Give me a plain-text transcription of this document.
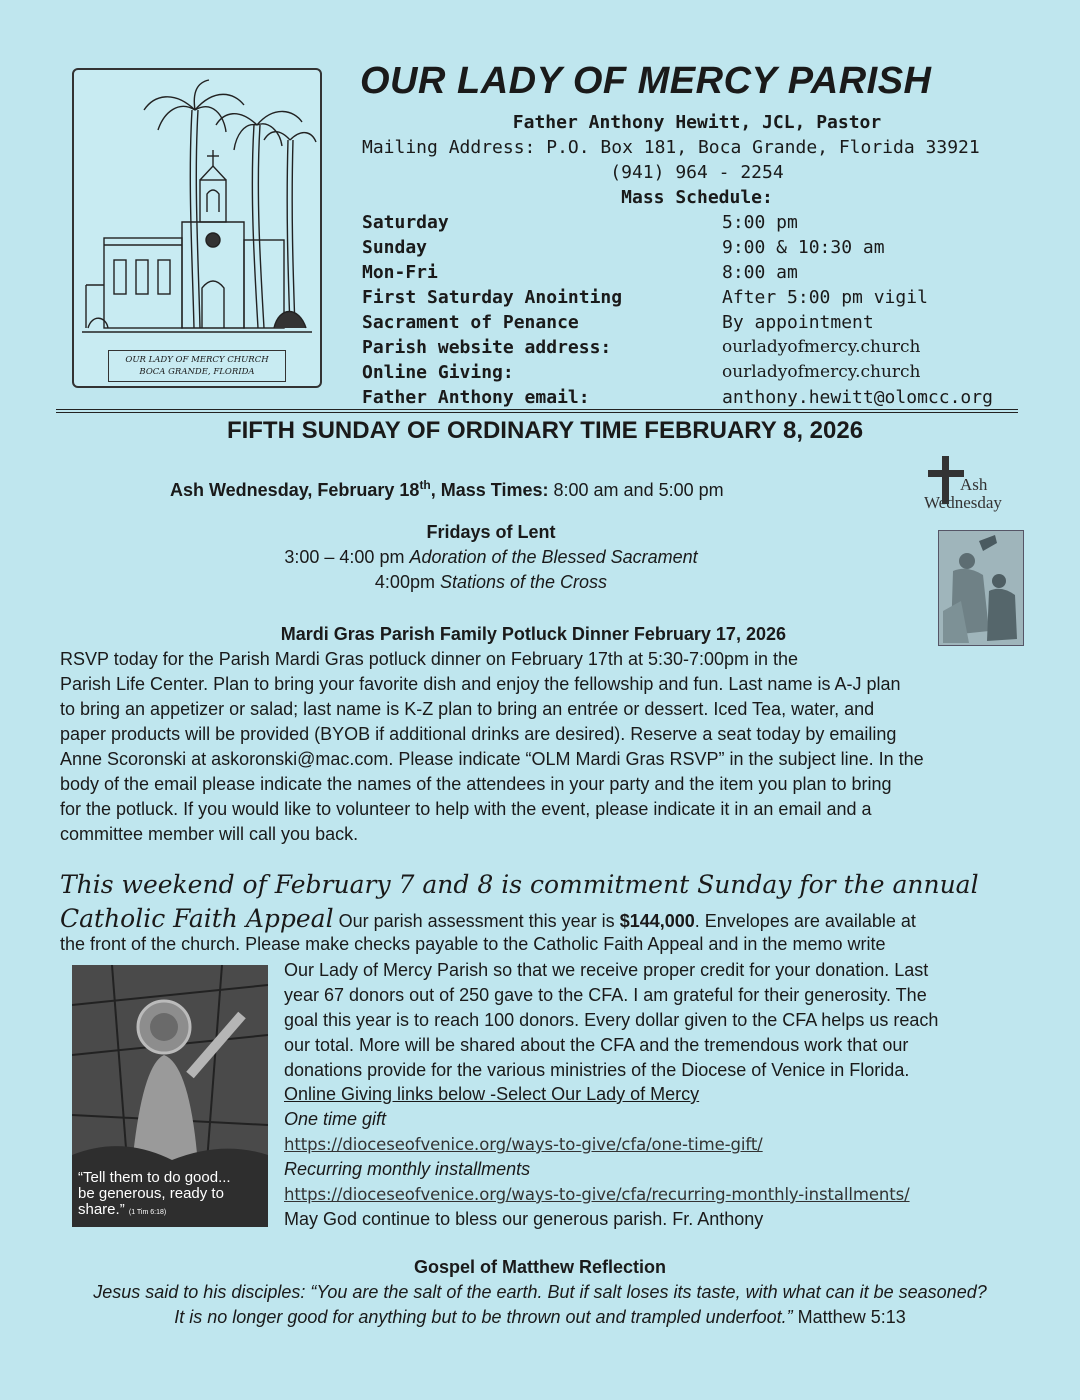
OUR LADY OF MERCY CHURCH
BOCA GRANDE, FLORIDA
OUR LADY OF MERCY PARISH
Father Anthony Hewitt, JCL, Pastor
Mailing Address: P.O. Box 181, Boca Grande, Florida 33921
(941) 964 - 2254
Mass Schedule:
Saturday	5:00 pm
Sunday	9:00 & 10:30 am
Mon-Fri	8:00 am
First Saturday Anointing	After 5:00 pm vigil
Sacrament of Penance	By appointment
Parish website address:	ourladyofmercy.church
Online Giving:	ourladyofmercy.church
Father Anthony email:	anthony.hewitt@olomcc.org
FIFTH SUNDAY OF ORDINARY TIME FEBRUARY 8, 2026
Ash Wednesday, February 18th, Mass Times: 8:00 am and 5:00 pm	Ash
Wednesday
Fridays of Lent
3:00 – 4:00 pm Adoration of the Blessed Sacrament
4:00pm Stations of the Cross
Mardi Gras Parish Family Potluck Dinner February 17, 2026
RSVP today for the Parish Mardi Gras potluck dinner on February 17th at 5:30-7:00pm in the
Parish Life Center. Plan to bring your favorite dish and enjoy the fellowship and fun. Last name is A-J plan
to bring an appetizer or salad; last name is K-Z plan to bring an entrée or dessert. Iced Tea, water, and
paper products will be provided (BYOB if additional drinks are desired). Reserve a seat today by emailing
Anne Scoronski at askoronski@mac.com. Please indicate “OLM Mardi Gras RSVP” in the subject line. In the
body of the email please indicate the names of the attendees in your party and the item you plan to bring
for the potluck. If you would like to volunteer to help with the event, please indicate it in an email and a
committee member will call you back.
This weekend of February 7 and 8 is commitment Sunday for the annual
Catholic Faith Appeal Our parish assessment this year is $144,000. Envelopes are available at
the front of the church. Please make checks payable to the Catholic Faith Appeal and in the memo write
“Tell them to do good...
be generous, ready to
share.” (1 Tim 6:18)
Our Lady of Mercy Parish so that we receive proper credit for your donation. Last
year 67 donors out of 250 gave to the CFA. I am grateful for their generosity. The
goal this year is to reach 100 donors. Every dollar given to the CFA helps us reach
our total. More will be shared about the CFA and the tremendous work that our
donations provide for the various ministries of the Diocese of Venice in Florida.
Online Giving links below -Select Our Lady of Mercy
One time gift
https://dioceseofvenice.org/ways-to-give/cfa/one-time-gift/
Recurring monthly installments
https://dioceseofvenice.org/ways-to-give/cfa/recurring-monthly-installments/
May God continue to bless our generous parish. Fr. Anthony
Gospel of Matthew Reflection
Jesus said to his disciples: “You are the salt of the earth. But if salt loses its taste, with what can it be seasoned?
It is no longer good for anything but to be thrown out and trampled underfoot.” Matthew 5:13
